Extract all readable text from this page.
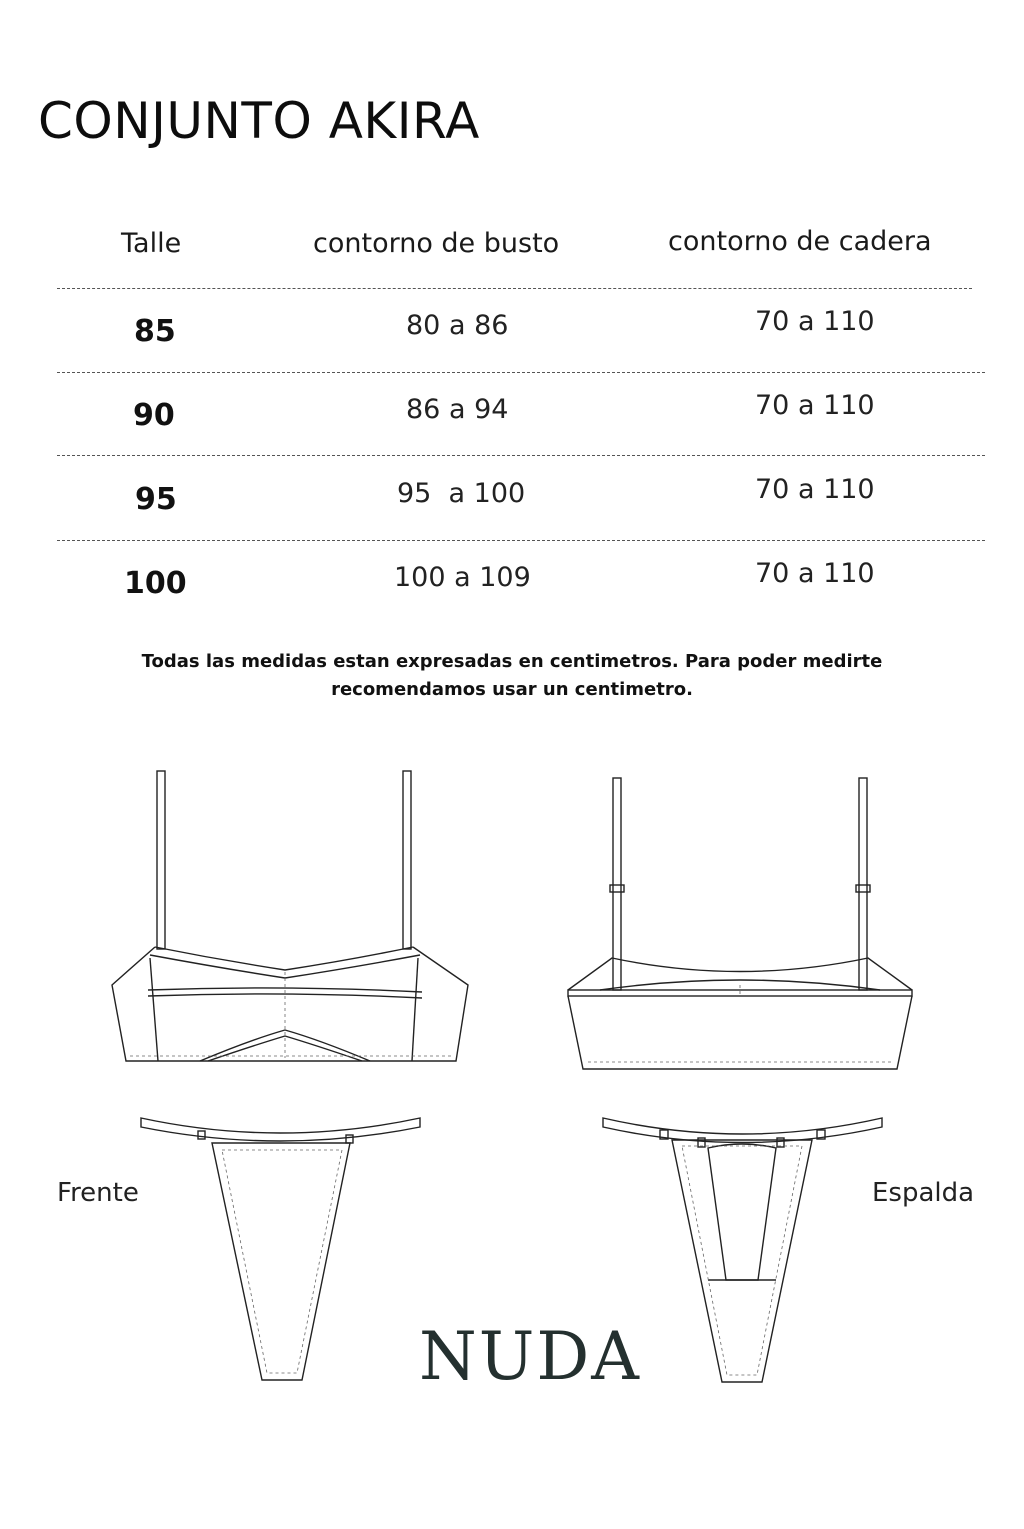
CONJUNTO AKIRA
Talle	contorno de busto	contorno de cadera
85	80 a 86	70 a 110
90	86 a 94	70 a 110
95	95  a 100	70 a 110
100	100 a 109	70 a 110
Todas las medidas estan expresadas en centimetros. Para poder medirte
recomendamos usar un centimetro.
Frente	Espalda
NUDA
